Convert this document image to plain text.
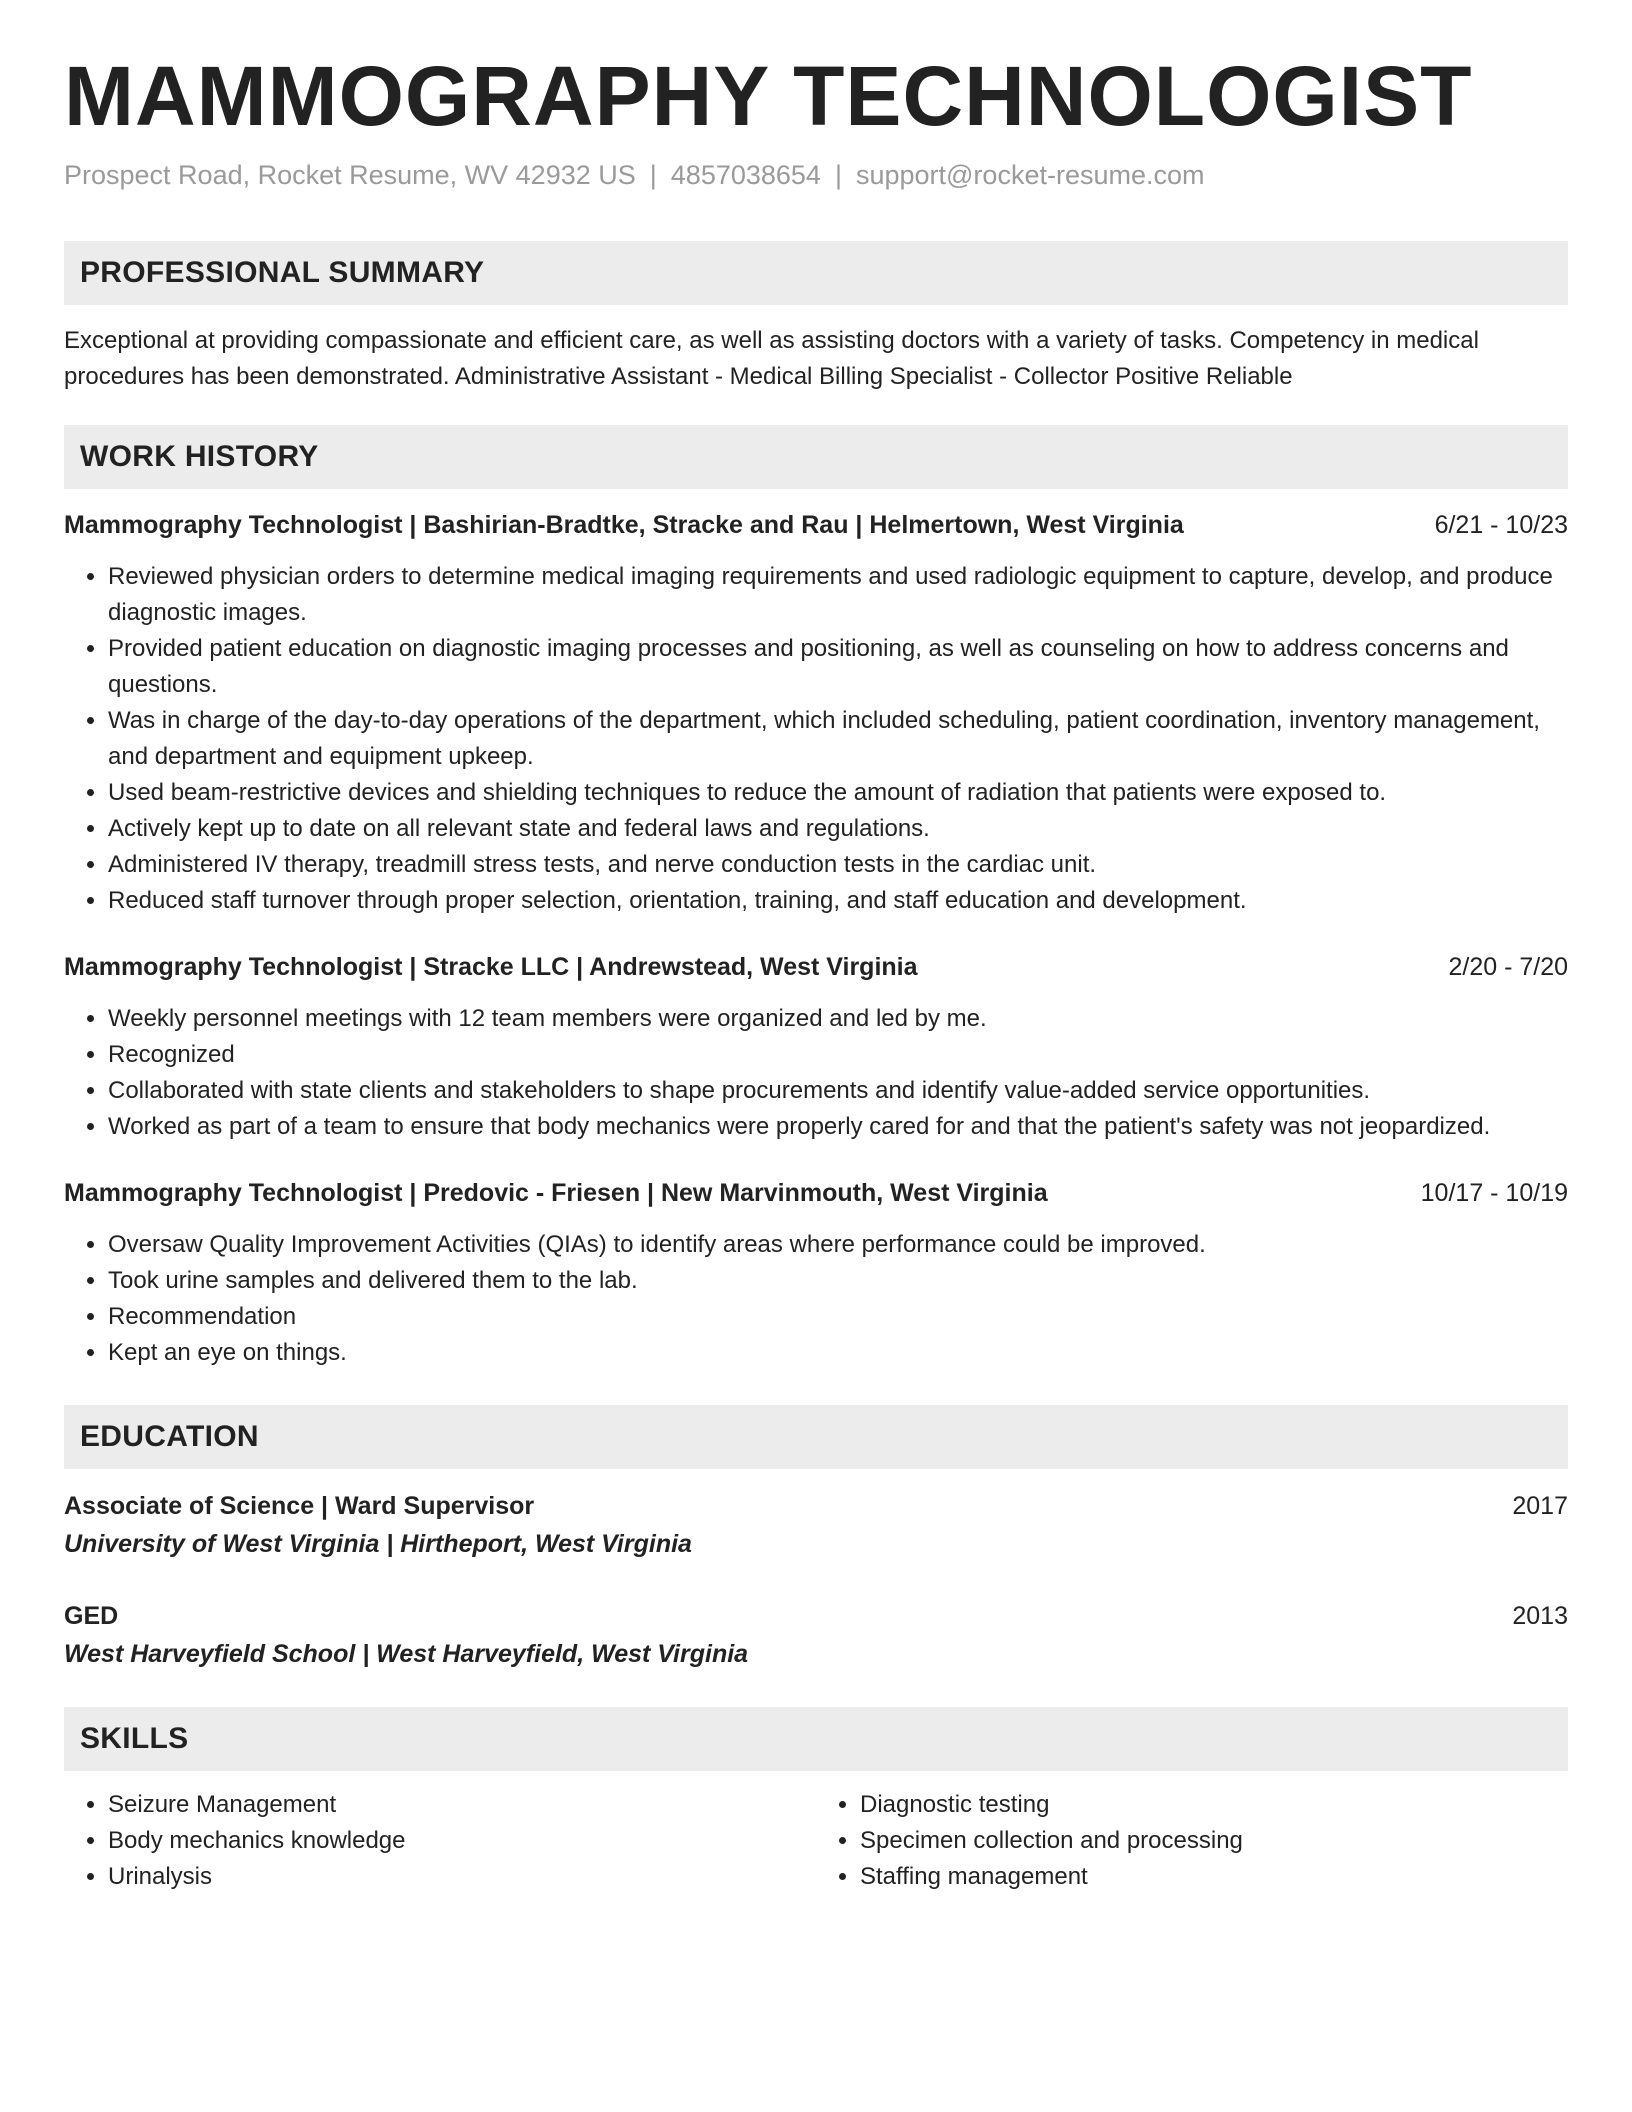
MAMMOGRAPHY TECHNOLOGIST
Prospect Road, Rocket Resume, WV 42932 US | 4857038654 | support@rocket-resume.com
PROFESSIONAL SUMMARY
Exceptional at providing compassionate and efficient care, as well as assisting doctors with a variety of tasks. Competency in medical procedures has been demonstrated. Administrative Assistant - Medical Billing Specialist - Collector Positive Reliable
WORK HISTORY
Mammography Technologist | Bashirian-Bradtke, Stracke and Rau | Helmertown, West Virginia	6/21 - 10/23
• Reviewed physician orders to determine medical imaging requirements and used radiologic equipment to capture, develop, and produce diagnostic images.
• Provided patient education on diagnostic imaging processes and positioning, as well as counseling on how to address concerns and questions.
• Was in charge of the day-to-day operations of the department, which included scheduling, patient coordination, inventory management, and department and equipment upkeep.
• Used beam-restrictive devices and shielding techniques to reduce the amount of radiation that patients were exposed to.
• Actively kept up to date on all relevant state and federal laws and regulations.
• Administered IV therapy, treadmill stress tests, and nerve conduction tests in the cardiac unit.
• Reduced staff turnover through proper selection, orientation, training, and staff education and development.
Mammography Technologist | Stracke LLC | Andrewstead, West Virginia	2/20 - 7/20
• Weekly personnel meetings with 12 team members were organized and led by me.
• Recognized
• Collaborated with state clients and stakeholders to shape procurements and identify value-added service opportunities.
• Worked as part of a team to ensure that body mechanics were properly cared for and that the patient's safety was not jeopardized.
Mammography Technologist | Predovic - Friesen | New Marvinmouth, West Virginia	10/17 - 10/19
• Oversaw Quality Improvement Activities (QIAs) to identify areas where performance could be improved.
• Took urine samples and delivered them to the lab.
• Recommendation
• Kept an eye on things.
EDUCATION
Associate of Science | Ward Supervisor	2017
University of West Virginia | Hirtheport, West Virginia
GED	2013
West Harveyfield School | West Harveyfield, West Virginia
SKILLS
• Seizure Management
• Body mechanics knowledge
• Urinalysis
• Diagnostic testing
• Specimen collection and processing
• Staffing management
